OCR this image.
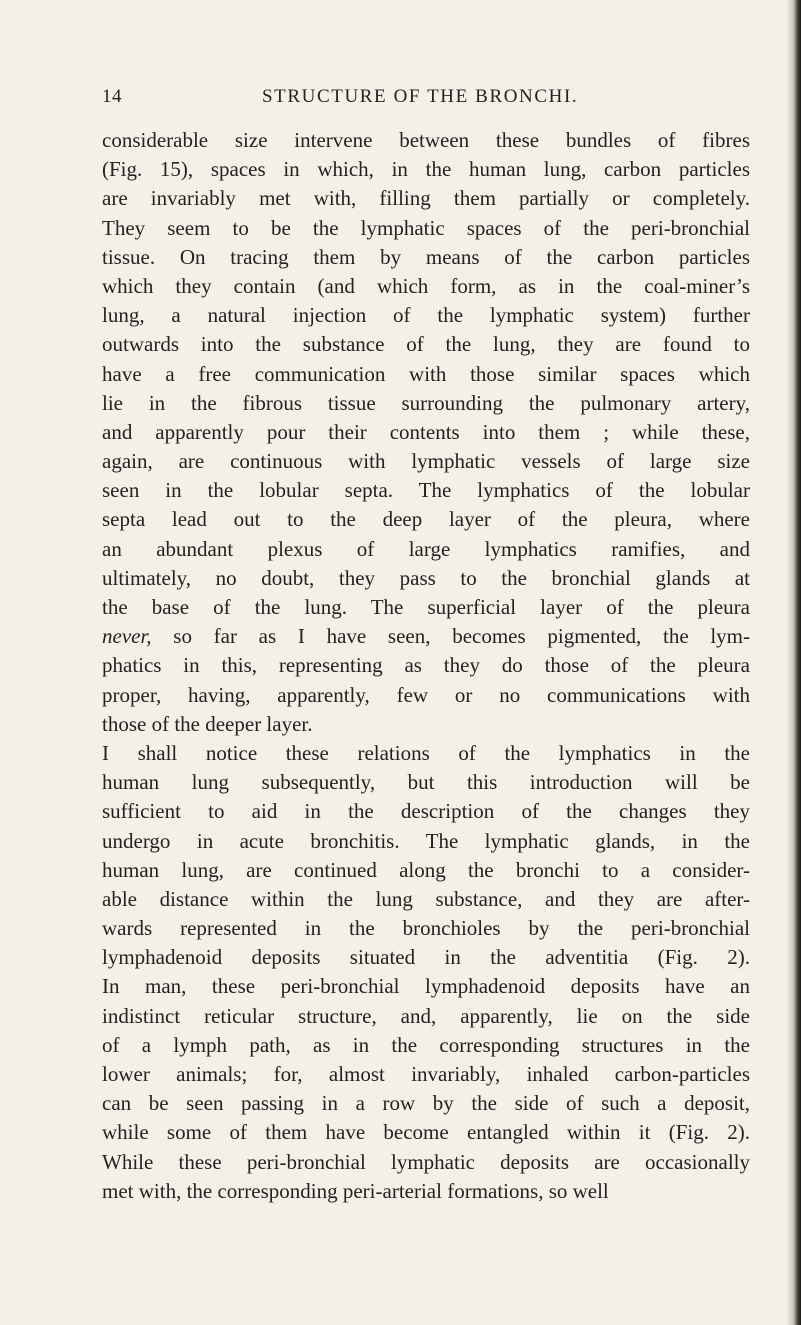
14	STRUCTURE OF THE BRONCHI.
considerable size intervene between these bundles of fibres
(Fig. 15), spaces in which, in the human lung, carbon particles
are invariably met with, filling them partially or completely.
They seem to be the lymphatic spaces of the peri-bronchial
tissue. On tracing them by means of the carbon particles
which they contain (and which form, as in the coal-miner’s
lung, a natural injection of the lymphatic system) further
outwards into the substance of the lung, they are found to
have a free communication with those similar spaces which
lie in the fibrous tissue surrounding the pulmonary artery,
and apparently pour their contents into them ; while these,
again, are continuous with lymphatic vessels of large size
seen in the lobular septa. The lymphatics of the lobular
septa lead out to the deep layer of the pleura, where
an abundant plexus of large lymphatics ramifies, and
ultimately, no doubt, they pass to the bronchial glands at
the base of the lung. The superficial layer of the pleura
never, so far as I have seen, becomes pigmented, the lym-
phatics in this, representing as they do those of the pleura
proper, having, apparently, few or no communications with
those of the deeper layer.
I shall notice these relations of the lymphatics in the
human lung subsequently, but this introduction will be
sufficient to aid in the description of the changes they
undergo in acute bronchitis. The lymphatic glands, in the
human lung, are continued along the bronchi to a consider-
able distance within the lung substance, and they are after-
wards represented in the bronchioles by the peri-bronchial
lymphadenoid deposits situated in the adventitia (Fig. 2).
In man, these peri-bronchial lymphadenoid deposits have an
indistinct reticular structure, and, apparently, lie on the side
of a lymph path, as in the corresponding structures in the
lower animals; for, almost invariably, inhaled carbon-particles
can be seen passing in a row by the side of such a deposit,
while some of them have become entangled within it (Fig. 2).
While these peri-bronchial lymphatic deposits are occasionally
met with, the corresponding peri-arterial formations, so well
